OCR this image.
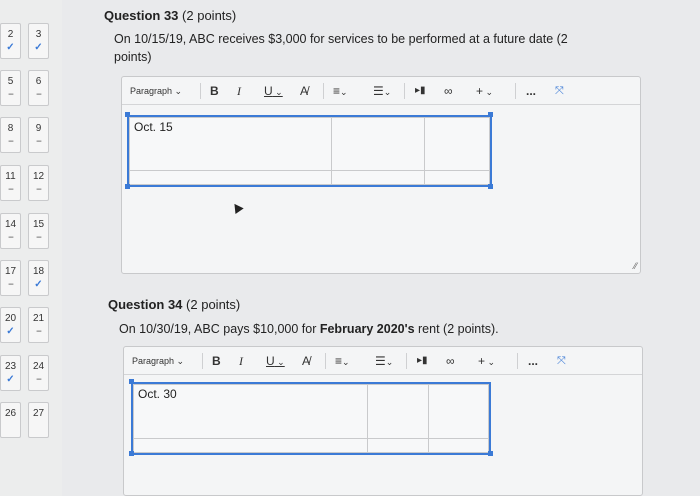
2
✓
3
✓
5
--
6
--
8
--
9
--
11
--
12
--
14
--
15
--
17
--
18
✓
20
✓
21
--
23
✓
24
--
26	27
Question 33 (2 points)
On 10/15/19, ABC receives $3,000 for services to be performed at a future date (2
points)
Paragraph ⌄ B I U ⌄ A̸ ≡⌄ ☰⌄ ▸▮ ∞ + ⌄	... ⤧
Oct. 15		

⁄⁄
Question 34 (2 points)
On 10/30/19, ABC pays $10,000 for February 2020's rent (2 points).
Paragraph ⌄ B I U ⌄ A̸ ≡⌄ ☰⌄ ▸▮ ∞ + ⌄	... ⤧
Oct. 30		
